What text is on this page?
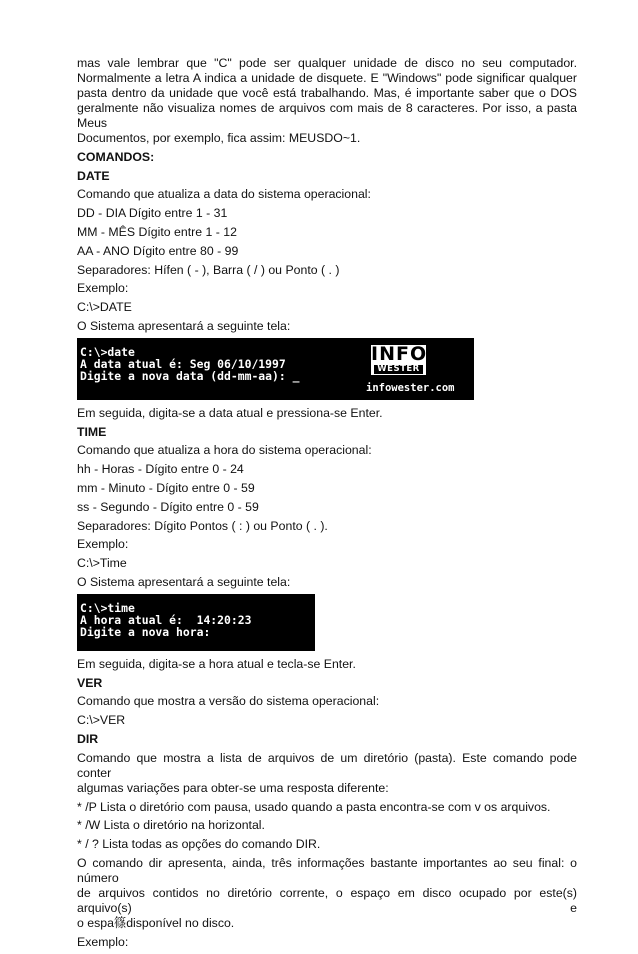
mas vale lembrar que "C" pode ser qualquer unidade de disco no seu computador.
Normalmente a letra A indica a unidade de disquete. E "Windows" pode significar qualquer
pasta dentro da unidade que você está trabalhando. Mas, é importante saber que o DOS
geralmente não visualiza nomes de arquivos com mais de 8 caracteres. Por isso, a pasta Meus
Documentos, por exemplo, fica assim: MEUSDO~1.
COMANDOS:
DATE
Comando que atualiza a data do sistema operacional:
DD - DIA Dígito entre 1 - 31
MM - MÊS Dígito entre 1 - 12
AA - ANO Dígito entre 80 - 99
Separadores: Hífen ( - ), Barra ( / ) ou Ponto ( . )
Exemplo:
C:\>DATE
O Sistema apresentará a seguinte tela:
C:\>date
A data atual é: Seg 06/10/1997
Digite a nova data (dd-mm-aa): _
INFO
WESTER
infowester.com
Em seguida, digita-se a data atual e pressiona-se Enter.
TIME
Comando que atualiza a hora do sistema operacional:
hh - Horas - Dígito entre 0 - 24
mm - Minuto - Dígito entre 0 - 59
ss - Segundo - Dígito entre 0 - 59
Separadores: Dígito Pontos ( : ) ou Ponto ( . ).
Exemplo:
C:\>Time
O Sistema apresentará a seguinte tela:
C:\>time
A hora atual é:  14:20:23
Digite a nova hora:
Em seguida, digita-se a hora atual e tecla-se Enter.
VER
Comando que mostra a versão do sistema operacional:
C:\>VER
DIR
Comando que mostra a lista de arquivos de um diretório (pasta). Este comando pode conter
algumas variações para obter-se uma resposta diferente:
* /P Lista o diretório com pausa, usado quando a pasta encontra-se com v os arquivos.
* /W Lista o diretório na horizontal.
* / ? Lista todas as opções do comando DIR.
O comando dir apresenta, ainda, três informações bastante importantes ao seu final: o número
de arquivos contidos no diretório corrente, o espaço em disco ocupado por este(s) arquivo(s) e
o espa篠disponível no disco.
Exemplo:
